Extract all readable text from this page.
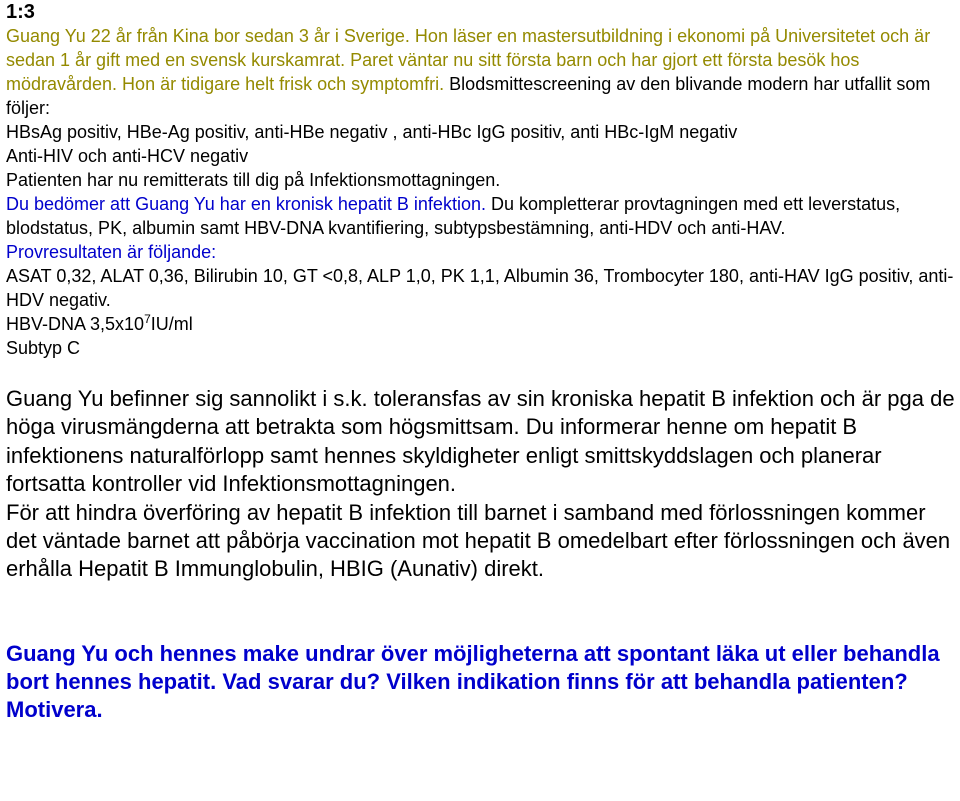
1:3

Guang Yu 22 år från Kina bor sedan 3 år i Sverige. Hon läser en mastersutbildning i ekonomi på Universitetet och är sedan 1 år gift med en svensk kurskamrat. Paret väntar nu sitt första barn och har gjort ett första besök hos mödravården. Hon är tidigare helt frisk och symptomfri. Blodsmittescreening av den blivande modern har utfallit som följer:

HBsAg positiv, HBe-Ag positiv, anti-HBe negativ , anti-HBc IgG positiv, anti HBc-IgM negativ

Anti-HIV och anti-HCV negativ

Patienten har nu remitterats till dig på Infektionsmottagningen.

Du bedömer att Guang Yu har en kronisk hepatit B infektion. Du kompletterar provtagningen med ett leverstatus, blodstatus, PK, albumin samt HBV-DNA kvantifiering, subtypsbestämning, anti-HDV och anti-HAV.

Provresultaten är följande:

ASAT 0,32, ALAT 0,36, Bilirubin 10, GT <0,8, ALP 1,0, PK 1,1, Albumin 36, Trombocyter 180, anti-HAV IgG positiv, anti-HDV negativ.

HBV-DNA $3,5x10^7IU/ml$

Subtyp C

Guang Yu befinner sig sannolikt i s.k. toleransfas av sin kroniska hepatit B infektion och är pga de höga virusmängderna att betrakta som högsmittsam. Du informerar henne om hepatit B infektionens naturalförlopp samt hennes skyldigheter enligt smittskyddslagen och planerar fortsatta kontroller vid Infektionsmottagningen.

För att hindra överföring av hepatit B infektion till barnet i samband med förlossningen kommer det väntade barnet att påbörja vaccination mot hepatit B omedelbart efter förlossningen och även erhålla Hepatit B Immunglobulin, HBIG (Aunativ) direkt.

Guang Yu och hennes make undrar över möjligheterna att spontant läka ut eller behandla bort hennes hepatit. Vad svarar du? Vilken indikation finns för att behandla patienten? Motivera.
